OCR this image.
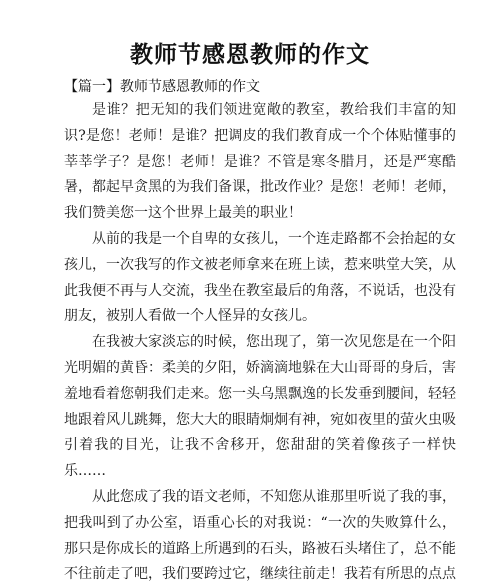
教师节感恩教师的作文
【篇一】教师节感恩教师的作文

是谁？把无知的我们领进宽敞的教室，教给我们丰富的知识?是您！老师！是谁？把调皮的我们教育成一个个体贴懂事的莘莘学子？是您！老师！是谁？不管是寒冬腊月，还是严寒酷暑，都起早贪黑的为我们备课，批改作业？是您！老师！老师，我们赞美您一这个世界上最美的职业！

从前的我是一个自卑的女孩儿，一个连走路都不会抬起的女孩儿，一次我写的作文被老师拿来在班上读，惹来哄堂大笑，从此我便不再与人交流，我坐在教室最后的角落，不说话，也没有朋友，被别人看做一个人怪异的女孩儿。

在我被大家淡忘的时候，您出现了，第一次见您是在一个阳光明媚的黄昏：柔美的夕阳，娇滴滴地躲在大山哥哥的身后，害羞地看着您朝我们走来。您一头乌黑飘逸的长发垂到腰间，轻轻地跟着风儿跳舞，您大大的眼睛炯炯有神，宛如夜里的萤火虫吸引着我的目光，让我不舍移开，您甜甜的笑着像孩子一样快乐……

从此您成了我的语文老师，不知您从谁那里听说了我的事，把我叫到了办公室，语重心长的对我说：“一次的失败算什么，那只是你成长的道路上所遇到的石头，路被石头堵住了，总不能不往前走了吧，我们要跨过它，继续往前走！我若有所思的点点
